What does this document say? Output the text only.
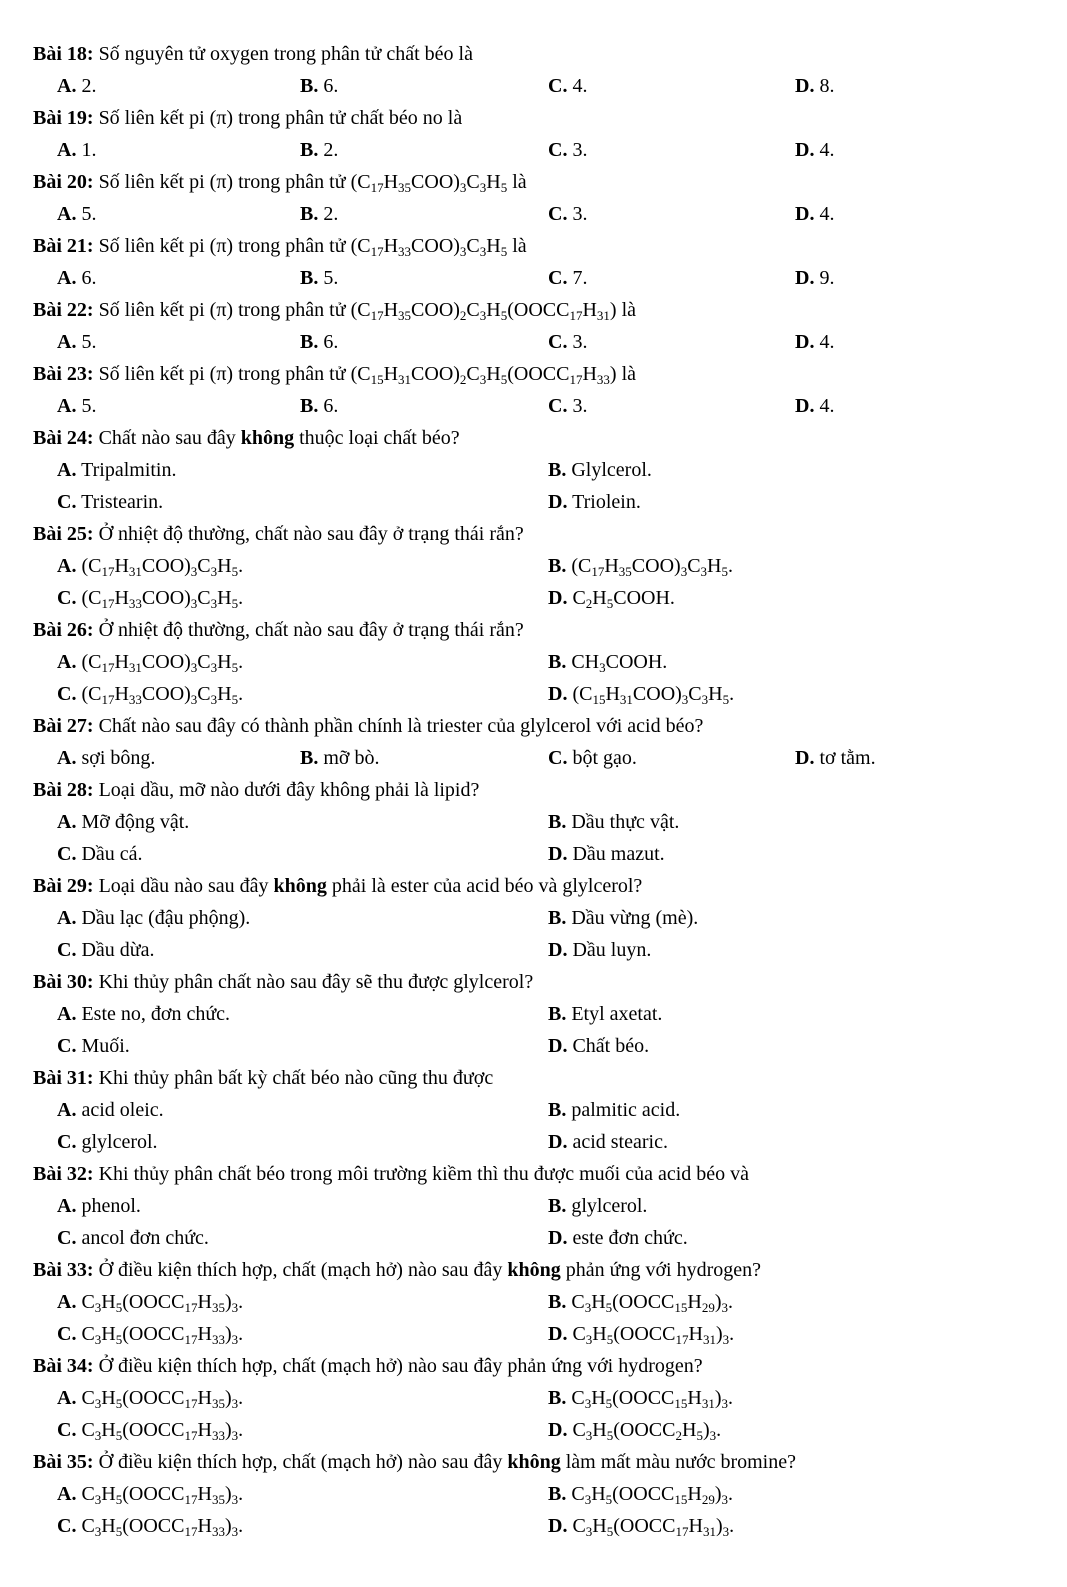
Bài 18: Số nguyên tử oxygen trong phân tử chất béo là
A. 2.	B. 6.	C. 4.	D. 8.
Bài 19: Số liên kết pi (π) trong phân tử chất béo no là
A. 1.	B. 2.	C. 3.	D. 4.
Bài 20: Số liên kết pi (π) trong phân tử $(C_{17}H_{35}COO)_3C_3H_5$ là
A. 5.	B. 2.	C. 3.	D. 4.
Bài 21: Số liên kết pi (π) trong phân tử $(C_{17}H_{33}COO)_3C_3H_5$ là
A. 6.	B. 5.	C. 7.	D. 9.
Bài 22: Số liên kết pi (π) trong phân tử $(C_{17}H_{35}COO)_2C_3H_5(OOCC_{17}H_{31})$ là
A. 5.	B. 6.	C. 3.	D. 4.
Bài 23: Số liên kết pi (π) trong phân tử $(C_{15}H_{31}COO)_2C_3H_5(OOCC_{17}H_{33})$ là
A. 5.	B. 6.	C. 3.	D. 4.
Bài 24: Chất nào sau đây không thuộc loại chất béo?
A. Tripalmitin.	B. Glylcerol.
C. Tristearin.	D. Triolein.
Bài 25: Ở nhiệt độ thường, chất nào sau đây ở trạng thái rắn?
A. $(C_{17}H_{31}COO)_3C_3H_5$.	B. $(C_{17}H_{35}COO)_3C_3H_5$.
C. $(C_{17}H_{33}COO)_3C_3H_5$.	D. $C_2H_5COOH$.
Bài 26: Ở nhiệt độ thường, chất nào sau đây ở trạng thái rắn?
A. $(C_{17}H_{31}COO)_3C_3H_5$.	B. $CH_3COOH$.
C. $(C_{17}H_{33}COO)_3C_3H_5$.	D. $(C_{15}H_{31}COO)_3C_3H_5$.
Bài 27: Chất nào sau đây có thành phần chính là triester của glylcerol với acid béo?
A. sợi bông.	B. mỡ bò.	C. bột gạo.	D. tơ tằm.
Bài 28: Loại dầu, mỡ nào dưới đây không phải là lipid?
A. Mỡ động vật.	B. Dầu thực vật.
C. Dầu cá.	D. Dầu mazut.
Bài 29: Loại dầu nào sau đây không phải là ester của acid béo và glylcerol?
A. Dầu lạc (đậu phộng).	B. Dầu vừng (mè).
C. Dầu dừa.	D. Dầu luyn.
Bài 30: Khi thủy phân chất nào sau đây sẽ thu được glylcerol?
A. Este no, đơn chức.	B. Etyl axetat.
C. Muối.	D. Chất béo.
Bài 31: Khi thủy phân bất kỳ chất béo nào cũng thu được
A. acid oleic.	B. palmitic acid.
C. glylcerol.	D. acid stearic.
Bài 32: Khi thủy phân chất béo trong môi trường kiềm thì thu được muối của acid béo và
A. phenol.	B. glylcerol.
C. ancol đơn chức.	D. este đơn chức.
Bài 33: Ở điều kiện thích hợp, chất (mạch hở) nào sau đây không phản ứng với hydrogen?
A. $C_3H_5(OOCC_{17}H_{35})_3$.	B. $C_3H_5(OOCC_{15}H_{29})_3$.
C. $C_3H_5(OOCC_{17}H_{33})_3$.	D. $C_3H_5(OOCC_{17}H_{31})_3$.
Bài 34: Ở điều kiện thích hợp, chất (mạch hở) nào sau đây phản ứng với hydrogen?
A. $C_3H_5(OOCC_{17}H_{35})_3$.	B. $C_3H_5(OOCC_{15}H_{31})_3$.
C. $C_3H_5(OOCC_{17}H_{33})_3$.	D. $C_3H_5(OOCC_2H_5)_3$.
Bài 35: Ở điều kiện thích hợp, chất (mạch hở) nào sau đây không làm mất màu nước bromine?
A. $C_3H_5(OOCC_{17}H_{35})_3$.	B. $C_3H_5(OOCC_{15}H_{29})_3$.
C. $C_3H_5(OOCC_{17}H_{33})_3$.	D. $C_3H_5(OOCC_{17}H_{31})_3$.
